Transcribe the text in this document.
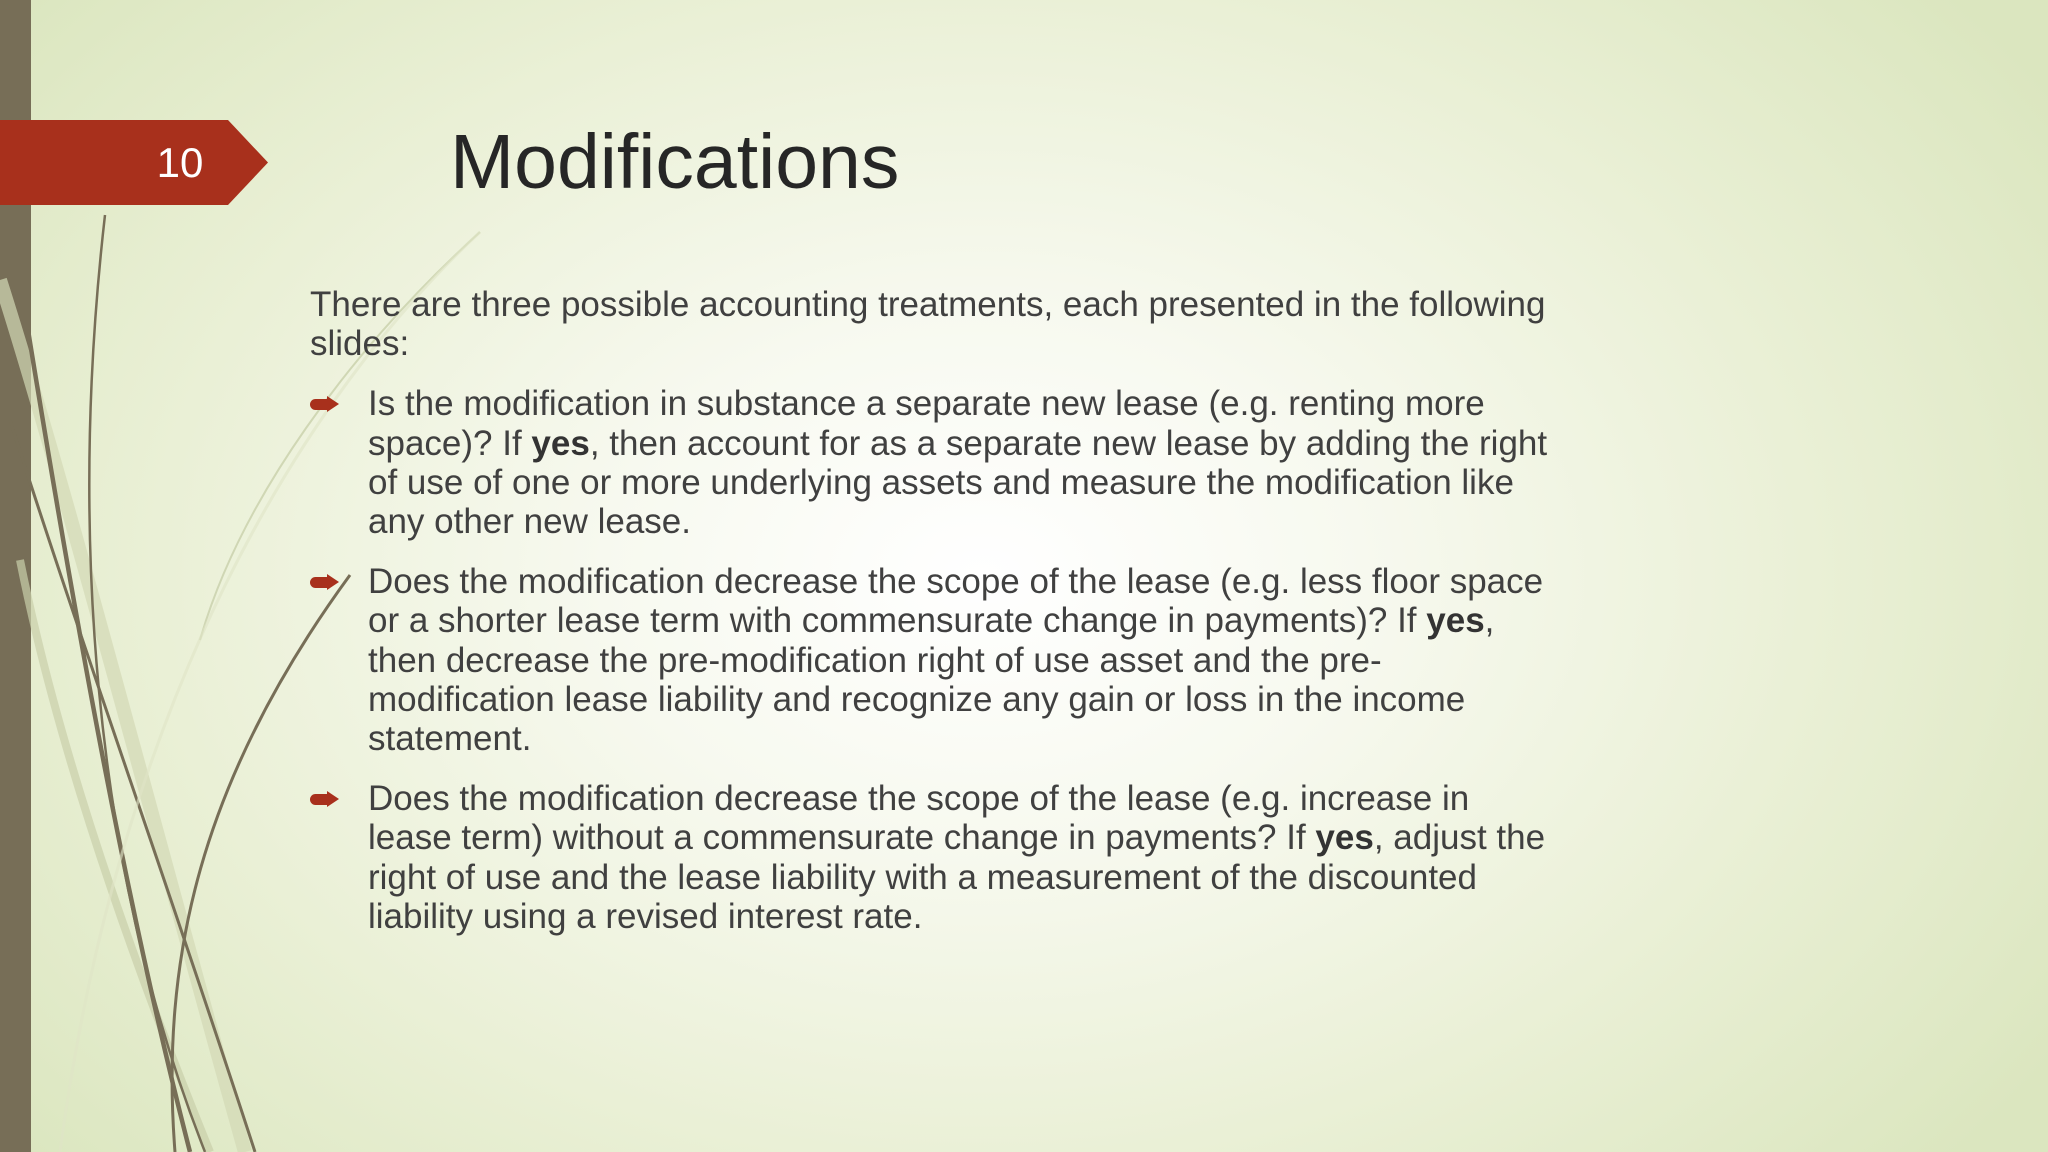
10	Modifications

There are three possible accounting treatments, each presented in the following slides:

Is the modification in substance a separate new lease (e.g. renting more space)? If yes, then account for as a separate new lease by adding the right of use of one or more underlying assets and measure the modification like any other new lease.
Does the modification decrease the scope of the lease (e.g. less floor space or a shorter lease term with commensurate change in payments)? If yes, then decrease the pre-modification right of use asset and the pre-modification lease liability and recognize any gain or loss in the income statement.
Does the modification decrease the scope of the lease (e.g. increase in lease term) without a commensurate change in payments? If yes, adjust the right of use and the lease liability with a measurement of the discounted liability using a revised interest rate.
